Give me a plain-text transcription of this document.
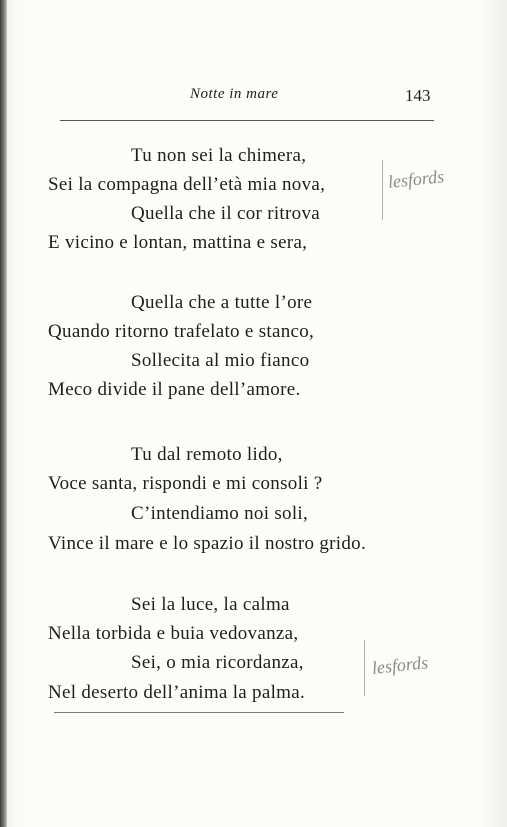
Notte in mare	143
Tu non sei la chimera,
Sei la compagna dell’età mia nova,
Quella che il cor ritrova
E vicino e lontan, mattina e sera,
Quella che a tutte l’ore
Quando ritorno trafelato e stanco,
Sollecita al mio fianco
Meco divide il pane dell’amore.
Tu dal remoto lido,
Voce santa, rispondi e mi consoli ?
C’intendiamo noi soli,
Vince il mare e lo spazio il nostro grido.
Sei la luce, la calma
Nella torbida e buia vedovanza,
Sei, o mia ricordanza,
Nel deserto dell’anima la palma.
lesfords
lesfords
